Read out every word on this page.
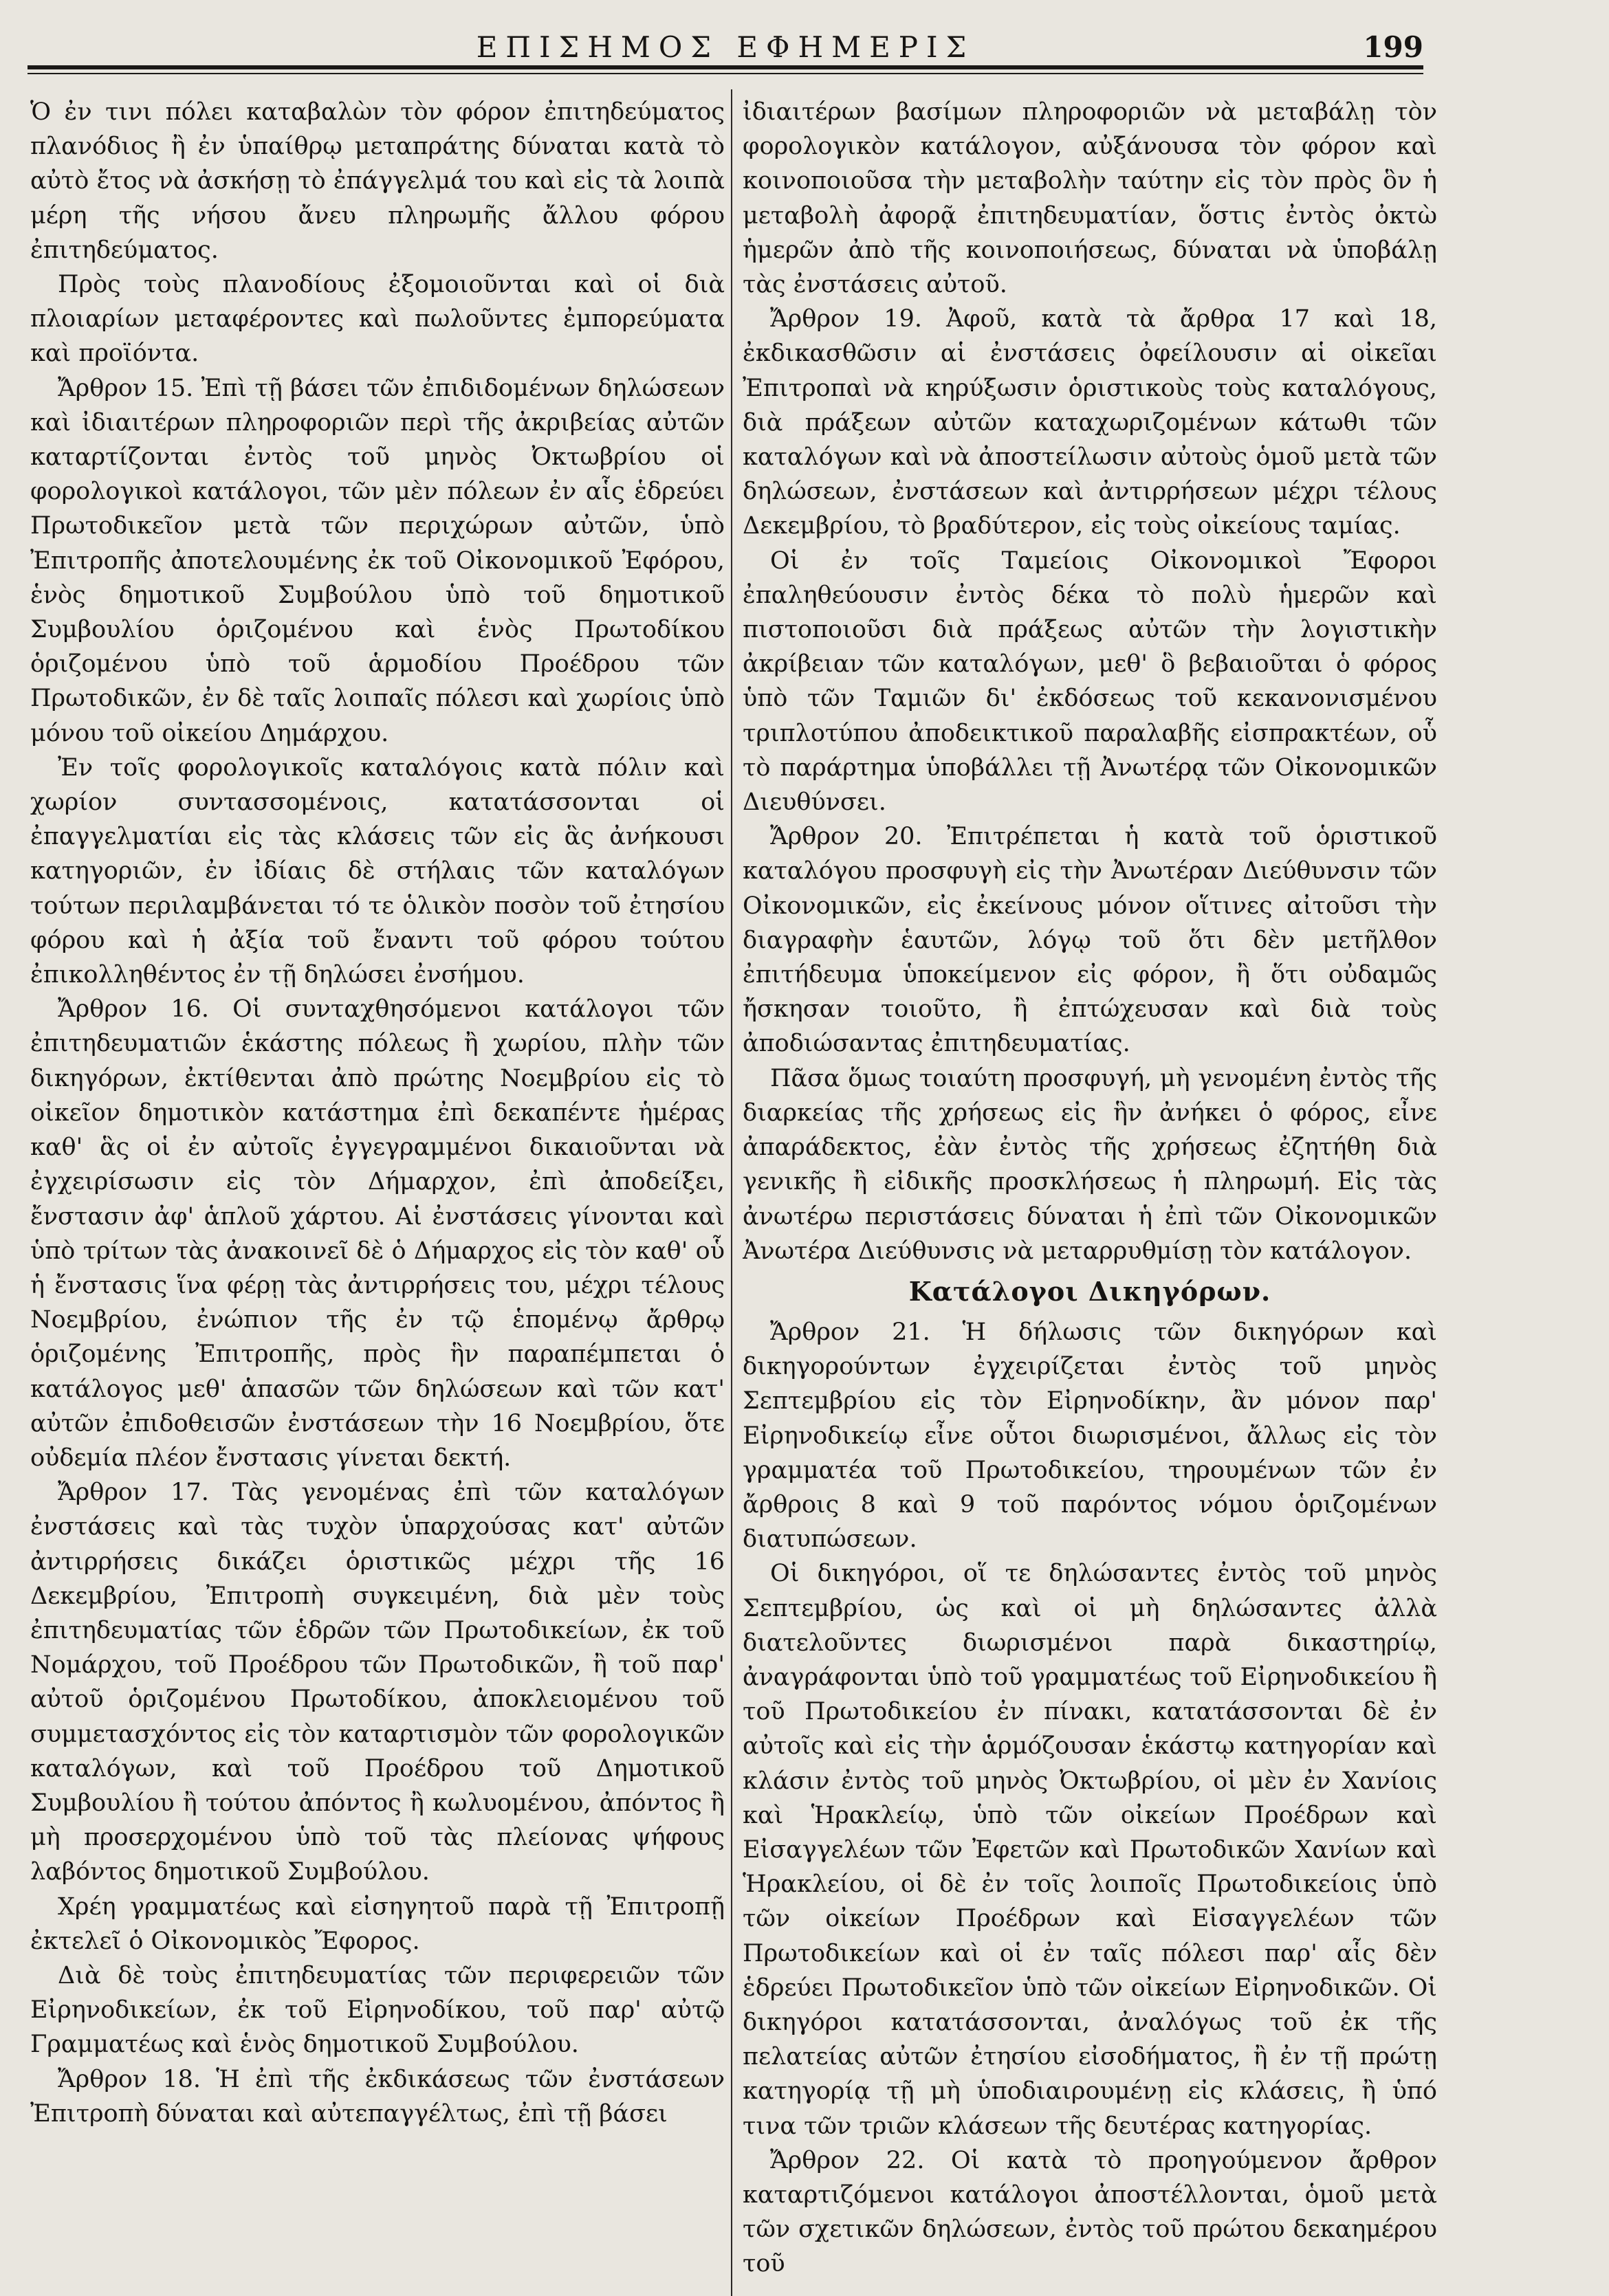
ΕΠΙΣΗΜΟΣ ΕΦΗΜΕΡΙΣ	199

Ὁ ἐν τινι πόλει καταβαλὼν τὸν φόρον ἐπιτηδεύματος πλανόδιος ἢ ἐν ὑπαίθρῳ μεταπράτης δύναται κατὰ τὸ αὐτὸ ἔτος νὰ ἀσκήσῃ τὸ ἐπάγγελμά του καὶ εἰς τὰ λοιπὰ μέρη τῆς νήσου ἄνευ πληρωμῆς ἄλλου φόρου ἐπιτηδεύματος.

Πρὸς τοὺς πλανοδίους ἐξομοιοῦνται καὶ οἱ διὰ πλοιαρίων μεταφέροντες καὶ πωλοῦντες ἐμπορεύματα καὶ προϊόντα.

Ἄρθρον 15. Ἐπὶ τῇ βάσει τῶν ἐπιδιδομένων δηλώσεων καὶ ἰδιαιτέρων πληροφοριῶν περὶ τῆς ἀκριβείας αὐτῶν καταρτίζονται ἐντὸς τοῦ μηνὸς Ὀκτωβρίου οἱ φορολογικοὶ κατάλογοι, τῶν μὲν πόλεων ἐν αἷς ἑδρεύει Πρωτοδικεῖον μετὰ τῶν περιχώρων αὐτῶν, ὑπὸ Ἐπιτροπῆς ἀποτελουμένης ἐκ τοῦ Οἰκονομικοῦ Ἐφόρου, ἑνὸς δημοτικοῦ Συμβούλου ὑπὸ τοῦ δημοτικοῦ Συμβουλίου ὁριζομένου καὶ ἑνὸς Πρωτοδίκου ὁριζομένου ὑπὸ τοῦ ἁρμοδίου Προέδρου τῶν Πρωτοδικῶν, ἐν δὲ ταῖς λοιπαῖς πόλεσι καὶ χωρίοις ὑπὸ μόνου τοῦ οἰκείου Δημάρχου.

Ἐν τοῖς φορολογικοῖς καταλόγοις κατὰ πόλιν καὶ χωρίον συντασσομένοις, κατατάσσονται οἱ ἐπαγγελματίαι εἰς τὰς κλάσεις τῶν εἰς ἃς ἀνήκουσι κατηγοριῶν, ἐν ἰδίαις δὲ στήλαις τῶν καταλόγων τούτων περιλαμβάνεται τό τε ὁλικὸν ποσὸν τοῦ ἐτησίου φόρου καὶ ἡ ἀξία τοῦ ἔναντι τοῦ φόρου τούτου ἐπικολληθέντος ἐν τῇ δηλώσει ἐνσήμου.

Ἄρθρον 16. Οἱ συνταχθησόμενοι κατάλογοι τῶν ἐπιτηδευματιῶν ἑκάστης πόλεως ἢ χωρίου, πλὴν τῶν δικηγόρων, ἐκτίθενται ἀπὸ πρώτης Νοεμβρίου εἰς τὸ οἰκεῖον δημοτικὸν κατάστημα ἐπὶ δεκαπέντε ἡμέρας καθ' ἃς οἱ ἐν αὐτοῖς ἐγγεγραμμένοι δικαιοῦνται νὰ ἐγχειρίσωσιν εἰς τὸν Δήμαρχον, ἐπὶ ἀποδείξει, ἔνστασιν ἀφ' ἁπλοῦ χάρτου. Αἱ ἐνστάσεις γίνονται καὶ ὑπὸ τρίτων τὰς ἀνακοινεῖ δὲ ὁ Δήμαρχος εἰς τὸν καθ' οὗ ἡ ἔνστασις ἵνα φέρῃ τὰς ἀντιρρήσεις του, μέχρι τέλους Νοεμβρίου, ἐνώπιον τῆς ἐν τῷ ἑπομένῳ ἄρθρῳ ὁριζομένης Ἐπιτροπῆς, πρὸς ἣν παραπέμπεται ὁ κατάλογος μεθ' ἁπασῶν τῶν δηλώσεων καὶ τῶν κατ' αὐτῶν ἐπιδοθεισῶν ἐνστάσεων τὴν 16 Νοεμβρίου, ὅτε οὐδεμία πλέον ἔνστασις γίνεται δεκτή.

Ἄρθρον 17. Τὰς γενομένας ἐπὶ τῶν καταλόγων ἐνστάσεις καὶ τὰς τυχὸν ὑπαρχούσας κατ' αὐτῶν ἀντιρρήσεις δικάζει ὁριστικῶς μέχρι τῆς 16 Δεκεμβρίου, Ἐπιτροπὴ συγκειμένη, διὰ μὲν τοὺς ἐπιτηδευματίας τῶν ἑδρῶν τῶν Πρωτοδικείων, ἐκ τοῦ Νομάρχου, τοῦ Προέδρου τῶν Πρωτοδικῶν, ἢ τοῦ παρ' αὐτοῦ ὁριζομένου Πρωτοδίκου, ἀποκλειομένου τοῦ συμμετασχόντος εἰς τὸν καταρτισμὸν τῶν φορολογικῶν καταλόγων, καὶ τοῦ Προέδρου τοῦ Δημοτικοῦ Συμβουλίου ἢ τούτου ἀπόντος ἢ κωλυομένου, ἀπόντος ἢ μὴ προσερχομένου ὑπὸ τοῦ τὰς πλείονας ψήφους λαβόντος δημοτικοῦ Συμβούλου.

Χρέη γραμματέως καὶ εἰσηγητοῦ παρὰ τῇ Ἐπιτροπῇ ἐκτελεῖ ὁ Οἰκονομικὸς Ἔφορος.

Διὰ δὲ τοὺς ἐπιτηδευματίας τῶν περιφερειῶν τῶν Εἰρηνοδικείων, ἐκ τοῦ Εἰρηνοδίκου, τοῦ παρ' αὐτῷ Γραμματέως καὶ ἑνὸς δημοτικοῦ Συμβούλου.

Ἄρθρον 18. Ἡ ἐπὶ τῆς ἐκδικάσεως τῶν ἐνστάσεων Ἐπιτροπὴ δύναται καὶ αὐτεπαγγέλτως, ἐπὶ τῇ βάσει

ἰδιαιτέρων βασίμων πληροφοριῶν νὰ μεταβάλῃ τὸν φορολογικὸν κατάλογον, αὐξάνουσα τὸν φόρον καὶ κοινοποιοῦσα τὴν μεταβολὴν ταύτην εἰς τὸν πρὸς ὃν ἡ μεταβολὴ ἀφορᾷ ἐπιτηδευματίαν, ὅστις ἐντὸς ὀκτὼ ἡμερῶν ἀπὸ τῆς κοινοποιήσεως, δύναται νὰ ὑποβάλῃ τὰς ἐνστάσεις αὐτοῦ.

Ἄρθρον 19. Ἀφοῦ, κατὰ τὰ ἄρθρα 17 καὶ 18, ἐκδικασθῶσιν αἱ ἐνστάσεις ὀφείλουσιν αἱ οἰκεῖαι Ἐπιτροπαὶ νὰ κηρύξωσιν ὁριστικοὺς τοὺς καταλόγους, διὰ πράξεων αὐτῶν καταχωριζομένων κάτωθι τῶν καταλόγων καὶ νὰ ἀποστείλωσιν αὐτοὺς ὁμοῦ μετὰ τῶν δηλώσεων, ἐνστάσεων καὶ ἀντιρρήσεων μέχρι τέλους Δεκεμβρίου, τὸ βραδύτερον, εἰς τοὺς οἰκείους ταμίας.

Οἱ ἐν τοῖς Ταμείοις Οἰκονομικοὶ Ἔφοροι ἐπαληθεύουσιν ἐντὸς δέκα τὸ πολὺ ἡμερῶν καὶ πιστοποιοῦσι διὰ πράξεως αὐτῶν τὴν λογιστικὴν ἀκρίβειαν τῶν καταλόγων, μεθ' ὃ βεβαιοῦται ὁ φόρος ὑπὸ τῶν Ταμιῶν δι' ἐκδόσεως τοῦ κεκανονισμένου τριπλοτύπου ἀποδεικτικοῦ παραλαβῆς εἰσπρακτέων, οὗ τὸ παράρτημα ὑποβάλλει τῇ Ἀνωτέρᾳ τῶν Οἰκονομικῶν Διευθύνσει.

Ἄρθρον 20. Ἐπιτρέπεται ἡ κατὰ τοῦ ὁριστικοῦ καταλόγου προσφυγὴ εἰς τὴν Ἀνωτέραν Διεύθυνσιν τῶν Οἰκονομικῶν, εἰς ἐκείνους μόνον οἵτινες αἰτοῦσι τὴν διαγραφὴν ἑαυτῶν, λόγῳ τοῦ ὅτι δὲν μετῆλθον ἐπιτήδευμα ὑποκείμενον εἰς φόρον, ἢ ὅτι οὐδαμῶς ἤσκησαν τοιοῦτο, ἢ ἐπτώχευσαν καὶ διὰ τοὺς ἀποδιώσαντας ἐπιτηδευματίας.

Πᾶσα ὅμως τοιαύτη προσφυγή, μὴ γενομένη ἐντὸς τῆς διαρκείας τῆς χρήσεως εἰς ἣν ἀνήκει ὁ φόρος, εἶνε ἀπαράδεκτος, ἐὰν ἐντὸς τῆς χρήσεως ἐζητήθη διὰ γενικῆς ἢ εἰδικῆς προσκλήσεως ἡ πληρωμή. Εἰς τὰς ἀνωτέρω περιστάσεις δύναται ἡ ἐπὶ τῶν Οἰκονομικῶν Ἀνωτέρα Διεύθυνσις νὰ μεταρρυθμίσῃ τὸν κατάλογον.

Κατάλογοι Δικηγόρων.

Ἄρθρον 21. Ἡ δήλωσις τῶν δικηγόρων καὶ δικηγορούντων ἐγχειρίζεται ἐντὸς τοῦ μηνὸς Σεπτεμβρίου εἰς τὸν Εἰρηνοδίκην, ἂν μόνον παρ' Εἰρηνοδικείῳ εἶνε οὗτοι διωρισμένοι, ἄλλως εἰς τὸν γραμματέα τοῦ Πρωτοδικείου, τηρουμένων τῶν ἐν ἄρθροις 8 καὶ 9 τοῦ παρόντος νόμου ὁριζομένων διατυπώσεων.

Οἱ δικηγόροι, οἵ τε δηλώσαντες ἐντὸς τοῦ μηνὸς Σεπτεμβρίου, ὡς καὶ οἱ μὴ δηλώσαντες ἀλλὰ διατελοῦντες διωρισμένοι παρὰ δικαστηρίῳ, ἀναγράφονται ὑπὸ τοῦ γραμματέως τοῦ Εἰρηνοδικείου ἢ τοῦ Πρωτοδικείου ἐν πίνακι, κατατάσσονται δὲ ἐν αὐτοῖς καὶ εἰς τὴν ἁρμόζουσαν ἑκάστῳ κατηγορίαν καὶ κλάσιν ἐντὸς τοῦ μηνὸς Ὀκτωβρίου, οἱ μὲν ἐν Χανίοις καὶ Ἡρακλείῳ, ὑπὸ τῶν οἰκείων Προέδρων καὶ Εἰσαγγελέων τῶν Ἐφετῶν καὶ Πρωτοδικῶν Χανίων καὶ Ἡρακλείου, οἱ δὲ ἐν τοῖς λοιποῖς Πρωτοδικείοις ὑπὸ τῶν οἰκείων Προέδρων καὶ Εἰσαγγελέων τῶν Πρωτοδικείων καὶ οἱ ἐν ταῖς πόλεσι παρ' αἷς δὲν ἑδρεύει Πρωτοδικεῖον ὑπὸ τῶν οἰκείων Εἰρηνοδικῶν. Οἱ δικηγόροι κατατάσσονται, ἀναλόγως τοῦ ἐκ τῆς πελατείας αὐτῶν ἐτησίου εἰσοδήματος, ἢ ἐν τῇ πρώτῃ κατηγορίᾳ τῇ μὴ ὑποδιαιρουμένῃ εἰς κλάσεις, ἢ ὑπό τινα τῶν τριῶν κλάσεων τῆς δευτέρας κατηγορίας.

Ἄρθρον 22. Οἱ κατὰ τὸ προηγούμενον ἄρθρον καταρτιζόμενοι κατάλογοι ἀποστέλλονται, ὁμοῦ μετὰ τῶν σχετικῶν δηλώσεων, ἐντὸς τοῦ πρώτου δεκαημέρου τοῦ
